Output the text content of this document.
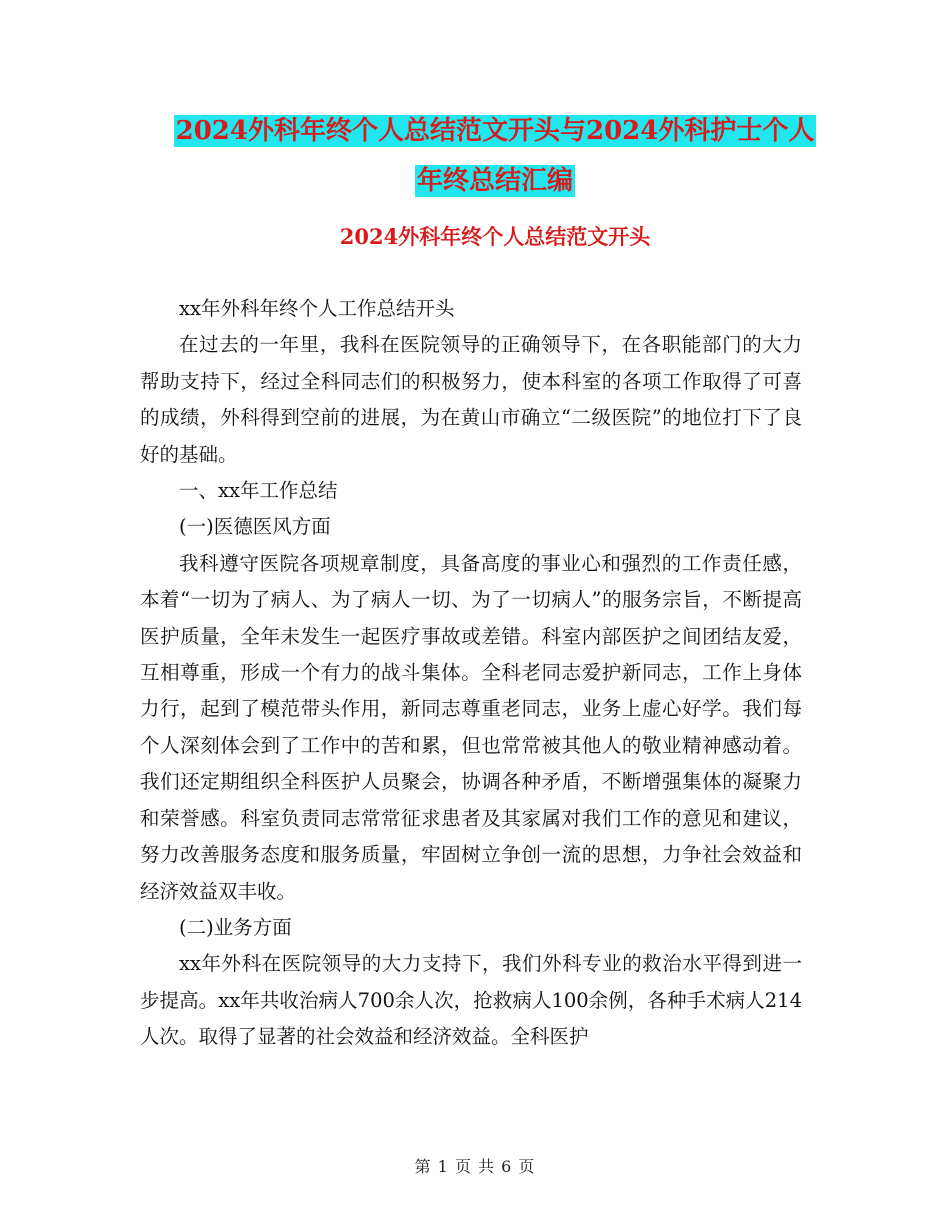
2024外科年终个人总结范文开头与2024外科护士个人
年终总结汇编
2024外科年终个人总结范文开头

xx年外科年终个人工作总结开头

在过去的一年里，我科在医院领导的正确领导下，在各职能部门的大力帮助支持下，经过全科同志们的积极努力，使本科室的各项工作取得了可喜的成绩，外科得到空前的进展，为在黄山市确立“二级医院”的地位打下了良好的基础。

一、xx年工作总结

(一)医德医风方面

我科遵守医院各项规章制度，具备高度的事业心和强烈的工作责任感，本着“一切为了病人、为了病人一切、为了一切病人”的服务宗旨，不断提高医护质量，全年未发生一起医疗事故或差错。科室内部医护之间团结友爱，互相尊重，形成一个有力的战斗集体。全科老同志爱护新同志，工作上身体力行，起到了模范带头作用，新同志尊重老同志，业务上虚心好学。我们每个人深刻体会到了工作中的苦和累，但也常常被其他人的敬业精神感动着。我们还定期组织全科医护人员聚会，协调各种矛盾，不断增强集体的凝聚力和荣誉感。科室负责同志常常征求患者及其家属对我们工作的意见和建议，努力改善服务态度和服务质量，牢固树立争创一流的思想，力争社会效益和经济效益双丰收。

(二)业务方面

xx年外科在医院领导的大力支持下，我们外科专业的救治水平得到进一步提高。xx年共收治病人700余人次，抢救病人100余例，各种手术病人214人次。取得了显著的社会效益和经济效益。全科医护

第 1 页 共 6 页
